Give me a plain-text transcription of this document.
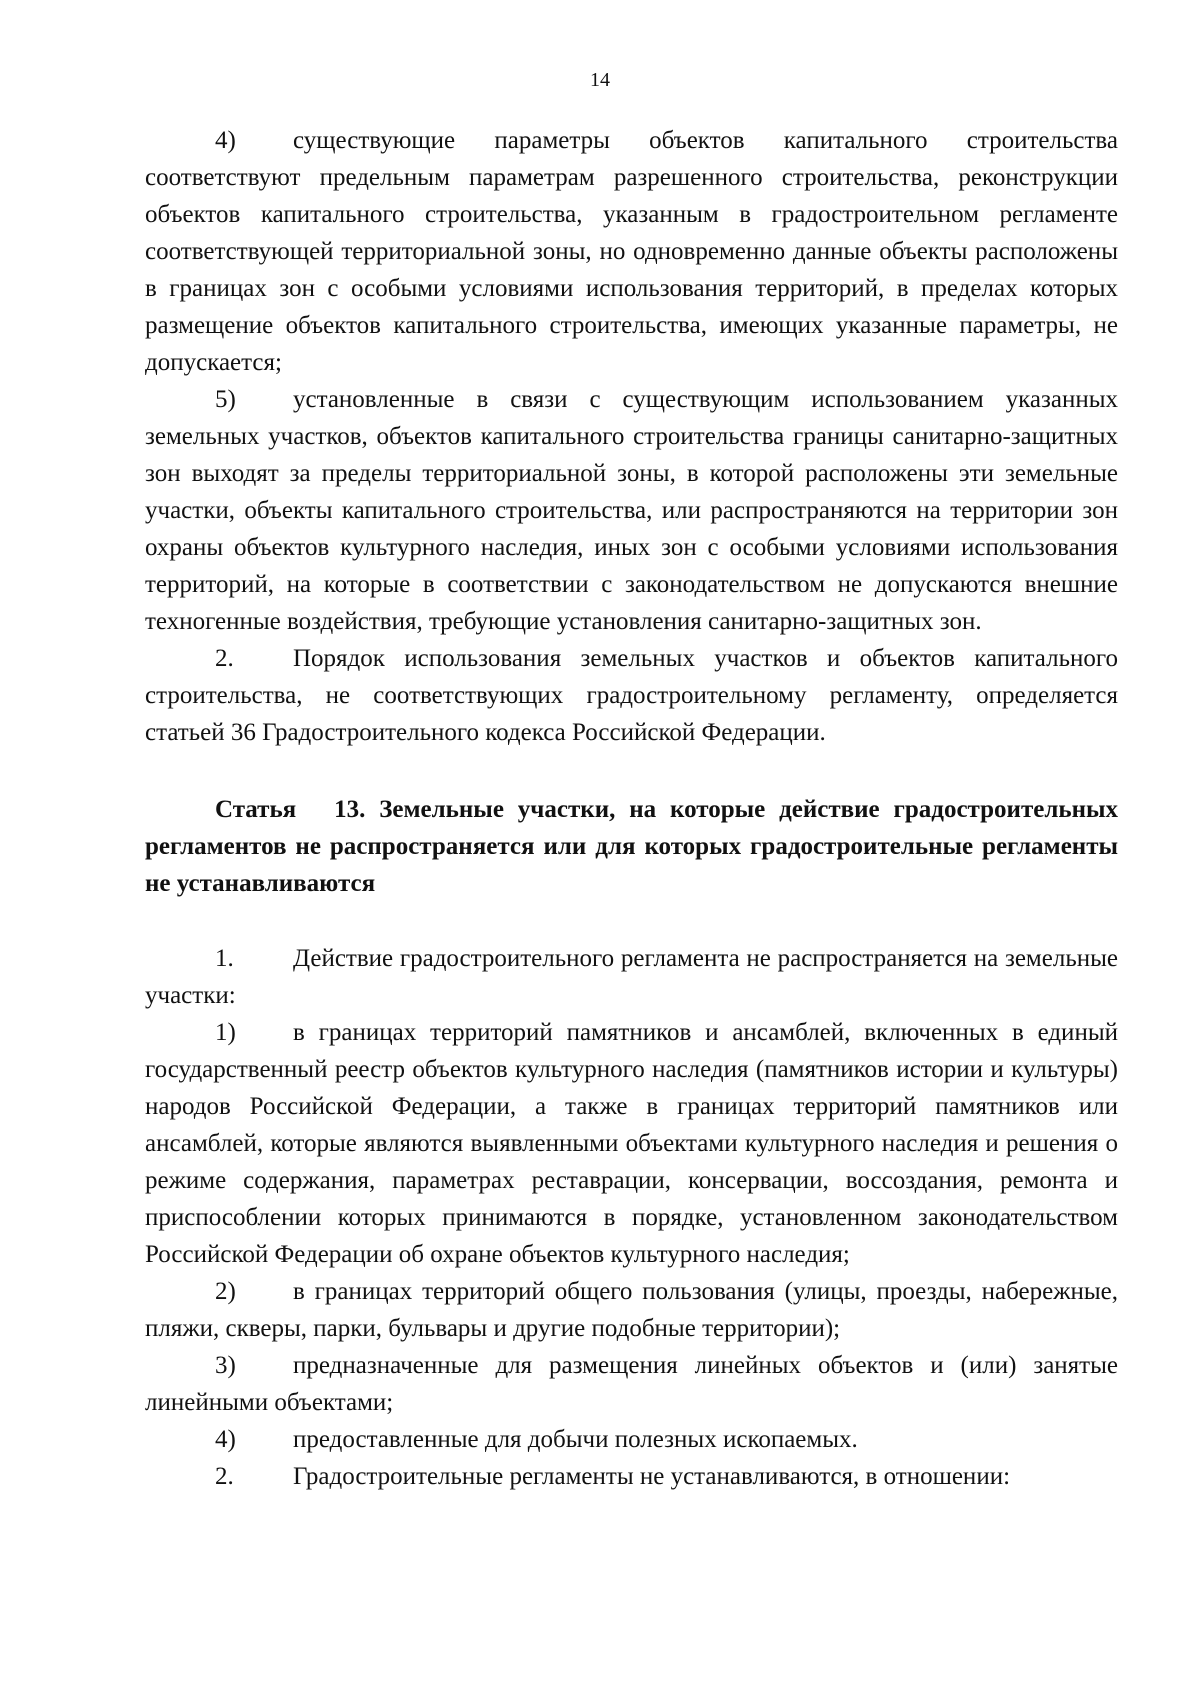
14

4) существующие параметры объектов капитального строительства соответствуют предельным параметрам разрешенного строительства, реконструкции объектов капитального строительства, указанным в градостроительном регламенте соответствующей территориальной зоны, но одновременно данные объекты расположены в границах зон с особыми условиями использования территорий, в пределах которых размещение объектов капитального строительства, имеющих указанные параметры, не допускается;

5) установленные в связи с существующим использованием указанных земельных участков, объектов капитального строительства границы санитарно-защитных зон выходят за пределы территориальной зоны, в которой расположены эти земельные участки, объекты капитального строительства, или распространяются на территории зон охраны объектов культурного наследия, иных зон с особыми условиями использования территорий, на которые в соответствии с законодательством не допускаются внешние техногенные воздействия, требующие установления санитарно-защитных зон.

2. Порядок использования земельных участков и объектов капитального строительства, не соответствующих градостроительному регламенту, определяется статьей 36 Градостроительного кодекса Российской Федерации.

Статья 13. Земельные участки, на которые действие градостроительных регламентов не распространяется или для которых градостроительные регламенты не устанавливаются

1. Действие градостроительного регламента не распространяется на земельные участки:

1) в границах территорий памятников и ансамблей, включенных в единый государственный реестр объектов культурного наследия (памятников истории и культуры) народов Российской Федерации, а также в границах территорий памятников или ансамблей, которые являются выявленными объектами культурного наследия и решения о режиме содержания, параметрах реставрации, консервации, воссоздания, ремонта и приспособлении которых принимаются в порядке, установленном законодательством Российской Федерации об охране объектов культурного наследия;

2) в границах территорий общего пользования (улицы, проезды, набережные, пляжи, скверы, парки, бульвары и другие подобные территории);

3) предназначенные для размещения линейных объектов и (или) занятые линейными объектами;

4) предоставленные для добычи полезных ископаемых.

2. Градостроительные регламенты не устанавливаются, в отношении:
